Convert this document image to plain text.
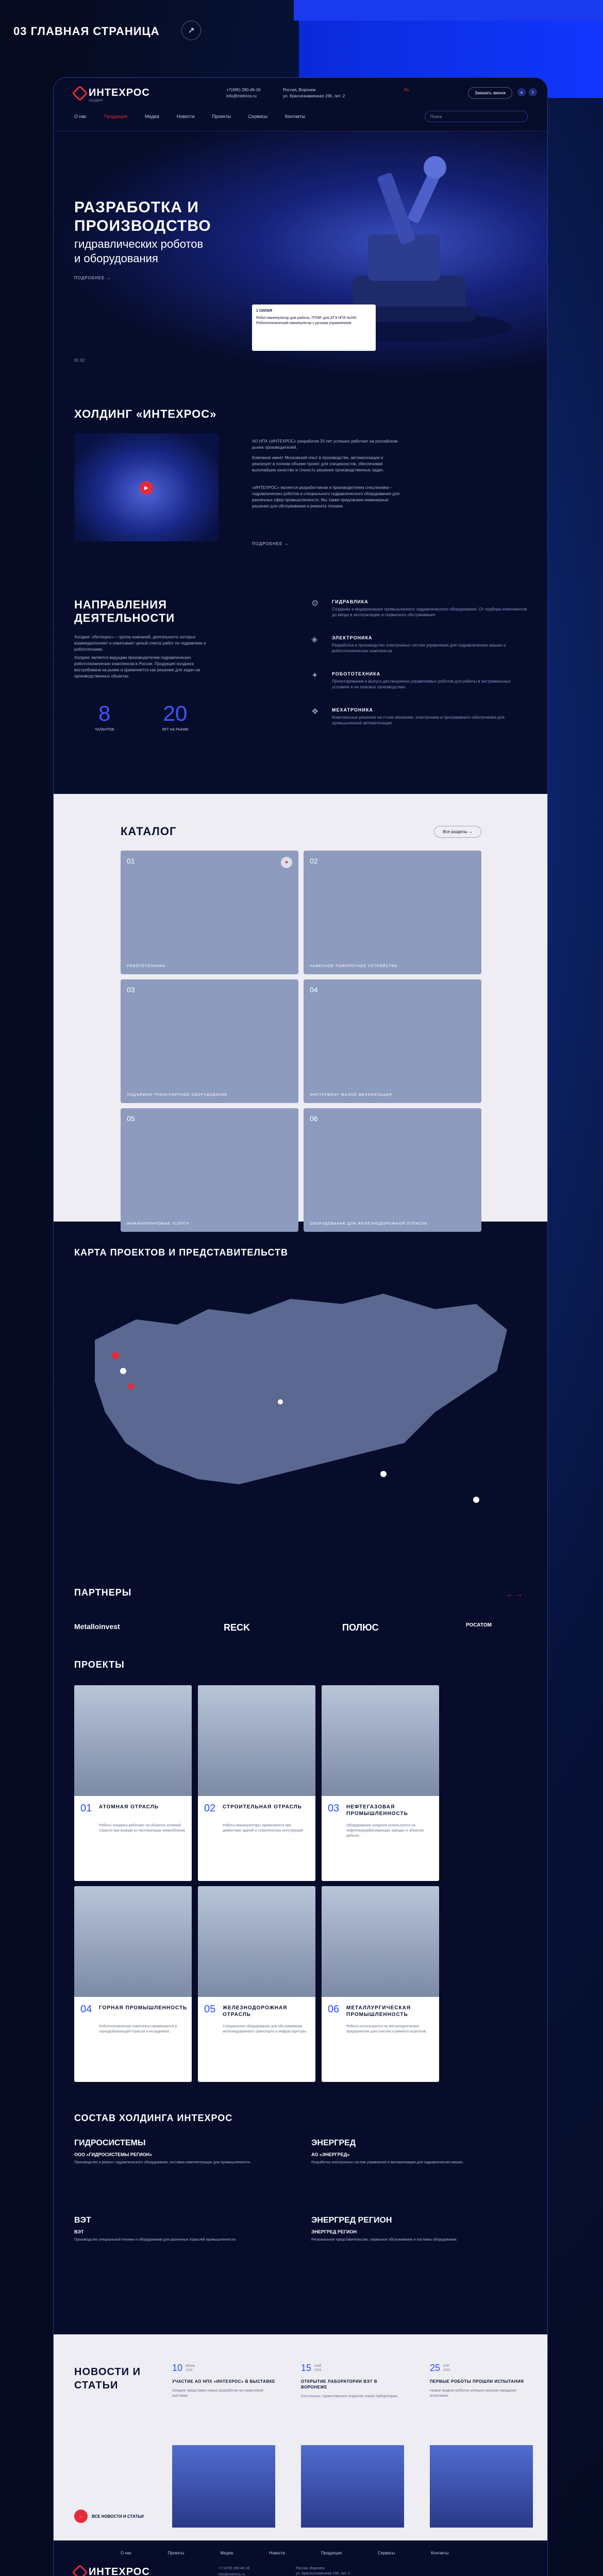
03 ГЛАВНАЯ СТРАНИЦА	↗
ИНТЕХРОС
ХОЛДИНГ
+7(495) 280-46-16
info@intehros.ru
Россия, Воронеж
ул. Краснознаменная 196, лит. 2
Ru
Заказать звонок	v	t
О нас	Продукция	Медиа	Новости	Проекты	Сервисы	Контакты	Поиск
РАЗРАБОТКА И ПРОИЗВОДСТВО
гидравлических роботов и оборудования
ПОДРОБНЕЕ →
01 02
ХОЛДИНГ «ИНТЕХРОС»
▶
АО НПХ «ИНТЕХРОС» разработки 20 лет успешно работает на российском рынке производителей.
Компания имеет Московский опыт в производстве, автоматизации и реализует в полном объеме проект для специалистов, обеспечивая высочайшие качество и точность решения производственных задач.
«ИНТЕХРОС» является разработчиком и производителем спецтехники – гидравлических роботов и специального гидравлического оборудования для различных сфер промышленности. Мы также предлагаем инженерные решения для обслуживания и ремонта техники.
ПОДРОБНЕЕ →
НАПРАВЛЕНИЯ ДЕЯТЕЛЬНОСТИ
Холдинг «Интехрос» – группа компаний, деятельность которых взаимодополняет и охватывает целый спектр работ по гидравлике и робототехнике.
Холдинг является ведущим производителем гидравлических робототехнических комплексов в России. Продукция холдинга востребована на рынке и применяется как решение для задач на производственных объектах.
8
ТАЛАНТОВ
20
ЛЕТ НА РЫНКЕ
⚙	ГИДРАВЛИКА
Создание и модернизация промышленного гидравлического оборудования. От подбора компонентов до ввода в эксплуатацию и сервисного обслуживания.
◈	ЭЛЕКТРОНИКА
Разработка и производство электронных систем управления для гидравлических машин и робототехнических комплексов.
✦	РОБОТОТЕХНИКА
Проектирование и выпуск дистанционно-управляемых роботов для работы в экстремальных условиях и на опасных производствах.
❖	МЕХАТРОНИКА
Комплексные решения на стыке механики, электроники и программного обеспечения для промышленной автоматизации.
КАТАЛОГ	Все разделы →
01	♥
РОБОТОТЕХНИКА
02
НАВЕСНОЕ ПОВОРОТНОЕ УСТРОЙСТВО
03
ПОДЪЁМНО-ТРАНСПОРТНОЕ ОБОРУДОВАНИЕ
04
ИНСТРУМЕНТ МАЛОЙ МЕХАНИЗАЦИИ
05
ИНЖИНИРИНГОВЫЕ УСЛУГИ
06
ОБОРУДОВАНИЕ ДЛЯ ЖЕЛЕЗНОДОРОЖНОЙ ОТРАСЛИ
КАРТА ПРОЕКТОВ И ПРЕДСТАВИТЕЛЬСТВ
1 СИЛАЯ
Робот-манипулятор для работы, ПТМР, для АТЭ НПЗ №200
Робототехнический манипулятор с ручным управлением
ПАРТНЕРЫ	← →
Metalloinvest	RECK	ПОЛЮС	РОСАТОМ
ПРОЕКТЫ
01 АТОМНАЯ ОТРАСЛЬ
Роботы холдинга работают на объектах атомной отрасли при выводе из эксплуатации энергоблоков.
02 СТРОИТЕЛЬНАЯ ОТРАСЛЬ
Роботы-манипуляторы применяются при демонтаже зданий и строительных конструкций.
03 НЕФТЕГАЗОВАЯ ПРОМЫШЛЕННОСТЬ
Оборудование холдинга используется на нефтеперерабатывающих заводах и объектах добычи.
04 ГОРНАЯ ПРОМЫШЛЕННОСТЬ
Робототехнические комплексы применяются в горнодобывающей отрасли и на рудниках.
05 ЖЕЛЕЗНОДОРОЖНАЯ ОТРАСЛЬ
Специальное оборудование для обслуживания железнодорожного транспорта и инфраструктуры.
06 МЕТАЛЛУРГИЧЕСКАЯ ПРОМЫШЛЕННОСТЬ
Роботы используются на металлургических предприятиях для очистки и ремонта агрегатов.
СОСТАВ ХОЛДИНГА ИНТЕХРОС
ГИДРОСИСТЕМЫ
ООО «ГИДРОСИСТЕМЫ РЕГИОН»
Производство и ремонт гидравлического оборудования, поставка комплектующих для промышленности.
ЭНЕРГРЕД
АО «ЭНЕРГРЕД»
Разработка электронных систем управления и автоматизации для гидравлических машин.
ВЭТ
ВЭТ
Производство специальной техники и оборудования для различных отраслей промышленности.
ЭНЕРГРЕД РЕГИОН
ЭНЕРГРЕД РЕГИОН
Региональное представительство, сервисное обслуживание и поставка оборудования.
НОВОСТИ И СТАТЬИ
10 ИЮНЬ
2023
УЧАСТИЕ АО НПХ «ИНТЕХРОС» В ВЫСТАВКЕ
Холдинг представил новые разработки на отраслевой выставке.
15 МАЙ
2023
ОТКРЫТИЕ ЛАБОРАТОРИИ ВЭТ В ВОРОНЕЖЕ
Состоялось торжественное открытие новой лаборатории.
25 АПР
2023
ПЕРВЫЕ РОБОТЫ ПРОШЛИ ИСПЫТАНИЯ
Новые модели роботов успешно прошли заводские испытания.
→	ВСЕ НОВОСТИ И СТАТЬИ
О нас	Проекты	Медиа	Новости	Продукция	Сервисы	Контакты
ИНТЕХРОС	+7 (478) 280-46-16
info@intehros.ru
Россия, Воронеж
ул. Краснознаменная 196, лит. 2
